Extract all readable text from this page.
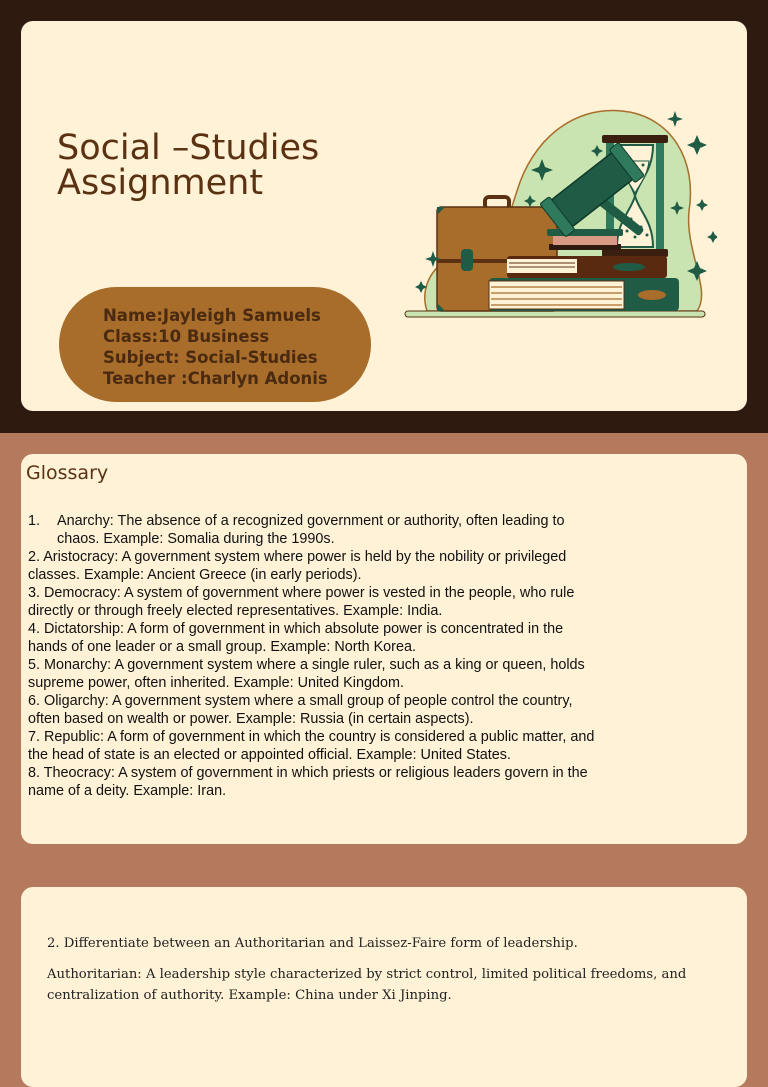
Social –Studies
Assignment
Name:Jayleigh Samuels
Class:10 Business
Subject: Social-Studies
Teacher :Charlyn Adonis
Glossary

1. Anarchy: The absence of a recognized government or authority, often leading to chaos. Example: Somalia during the 1990s.

2. Aristocracy: A government system where power is held by the nobility or privileged classes. Example: Ancient Greece (in early periods).

3. Democracy: A system of government where power is vested in the people, who rule directly or through freely elected representatives. Example: India.

4. Dictatorship: A form of government in which absolute power is concentrated in the hands of one leader or a small group. Example: North Korea.

5. Monarchy: A government system where a single ruler, such as a king or queen, holds supreme power, often inherited. Example: United Kingdom.

6. Oligarchy: A government system where a small group of people control the country, often based on wealth or power. Example: Russia (in certain aspects).

7. Republic: A form of government in which the country is considered a public matter, and the head of state is an elected or appointed official. Example: United States.

8. Theocracy: A system of government in which priests or religious leaders govern in the name of a deity. Example: Iran.

2. Differentiate between an Authoritarian and Laissez-Faire form of leadership.

Authoritarian: A leadership style characterized by strict control, limited political freedoms, and centralization of authority. Example: China under Xi Jinping.
